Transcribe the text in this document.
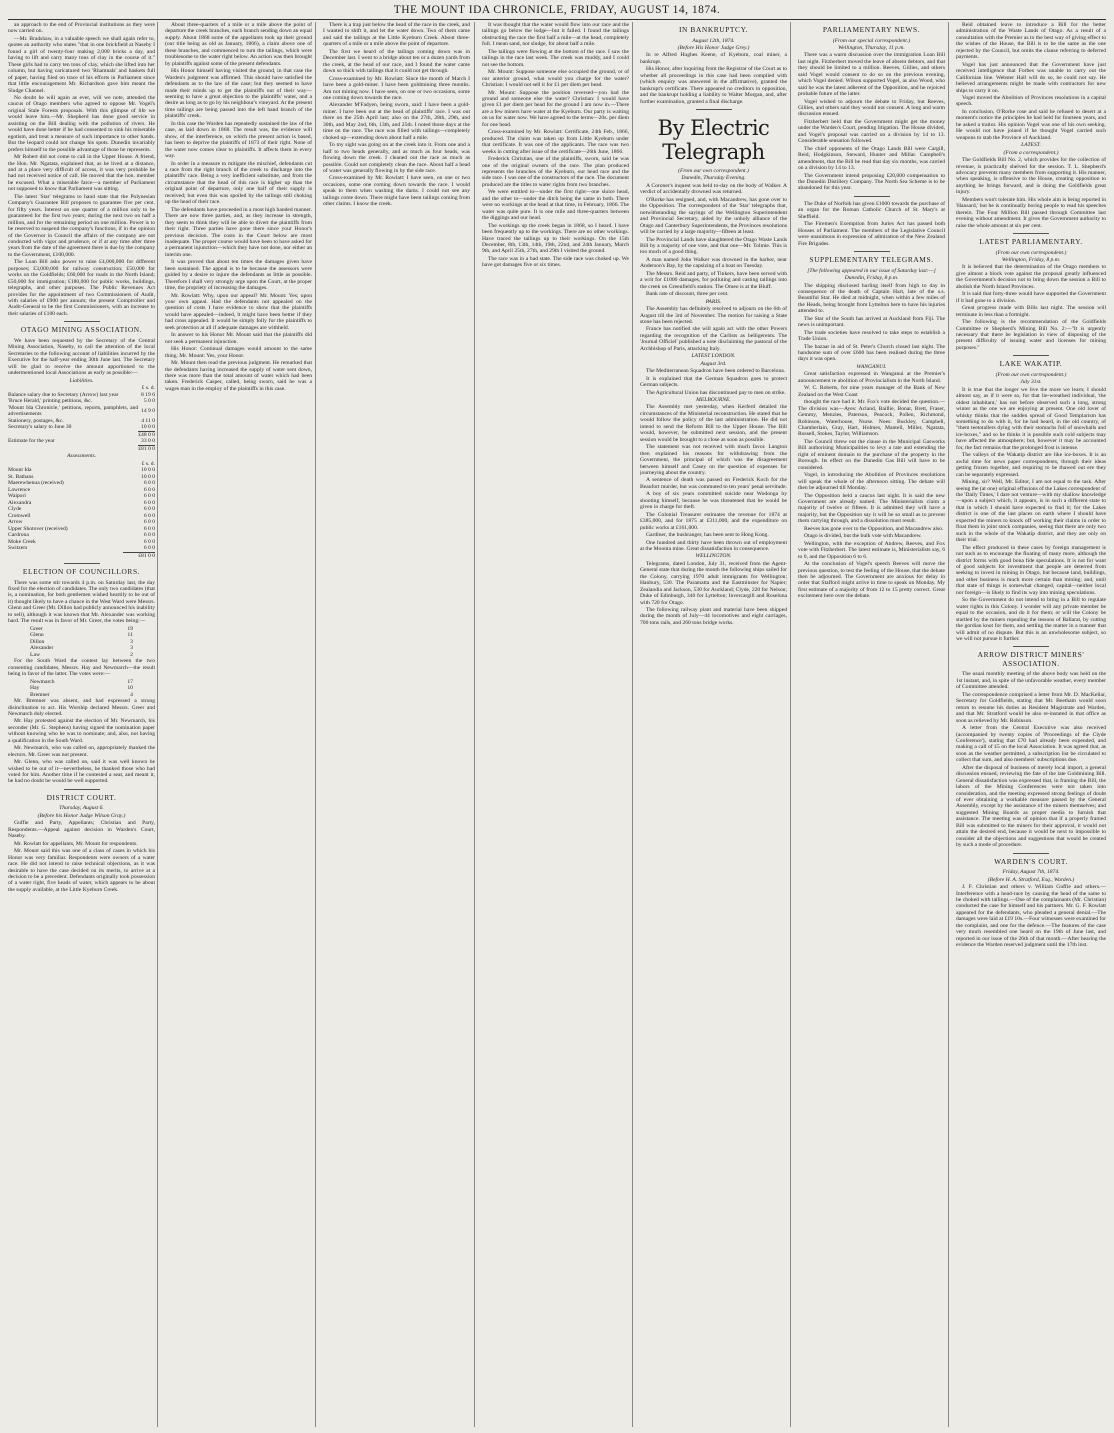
THE MOUNT IDA CHRONICLE, FRIDAY, AUGUST 14, 1874.

an approach to the end of Provincial institutions as they were now carried on.

—Mr. Bradshaw, in a valuable speech we shall again refer to, quotes an authority who states "that in one brickfield at Naseby I found a girl of twenty-four making 2,000 bricks a day, and having to lift and carry many tons of clay in the course of it." These girls had to carry ten tons of clay, which she lifted into her column, but having caricatured two 'Rhamnals' and baskets full of paper, having filed on trace of his efforts in Parliament since that little encouragement Mr. Richardson gave him meant the Sludge Channel.

No doubt he will again as ever, will we note, attended the caucus of Otago members who agreed to oppose Mr. Vogel's original Stale Forests proposals. With this glimpse of life we would leave him.—Mr. Shepherd has done good service in assisting on the Bill dealing with the pollution of rivers. He would have done better if he had consented to sink his miserable egotism, and treat a measure of such importance to other hands. But the leopard could not change his spots. Dunedin invariably prefers himself to the possible advantage of those he represents.

Mr Robert did not come to call in the Upper House. A friend, the Hon. Mr. Ngatata, explained that, as he lived at a distance, and at a place very difficult of access, it was very probable he had not received notice of call. He moved that the hon. member be excused. What a miserable farce—a member of Parliament not supposed to know that Parliament was sitting.

The latest 'Star' telegrams to hand state that the Polynesian Company's Guarantee Bill proposes to guarantee five per cent. for fifty years. Interest on one quarter of a million only to be guaranteed for the first two years; during the next two on half a million, and for the remaining period on one million. Power is to be reserved to suspend the company's functions, if in the opinion of the Governor in Council the affairs of the company are not conducted with vigor and prudence, or if at any time after three years from the date of the agreement there is due by the company to the Government, £100,000.

The Loan Bill asks power to raise £4,000,000 for different purposes; £3,000,000 for railway construction; £50,000 for works on the Goldfields; £60,000 for roads in the North Island; £50,000 for immigration; £180,000 for public works, buildings, telegraphs, and other purposes. The Public Revenues Act provides for the appointment of two Commissioners of Audit, with salaries of £900 per annum; the present Comptroller and Audit-General to be the first Commissioners, with an increase to their salaries of £100 each.

OTAGO MINING ASSOCIATION.

We have been requested by the Secretary of the Central Mining Association, Naseby, to call the attention of the local Secretaries to the following account of liabilities incurred by the Executive for the half-year ending 30th June last. The Secretary will be glad to receive the amount apportioned to the undermentioned local Associations as early as possible:—

Liabilities.
	£ s. d.
Balance salary due to Secretary (Arrow) last year	8 19 6
'Bruce Herald,' printing petitions, &c.	5 0 0
'Mount Ida Chronicle,' petitions, reports, pamphlets, and advertisements	14 9 0
Stationery, postages, &c.	4 11 0
Secretary's salary to June 30	10 0 0
	£48 0 0
Estimate for the year	33 0 0
	£81 0 0
Assessments.
	£ s. d.
Mount Ida	10 0 0
St. Bathans	10 0 0
Maerewhenua (received)	6 0 0
Lawrence	6 0 0
Waipori	6 0 0
Alexandra	6 0 0
Clyde	6 0 0
Cromwell	6 0 0
Arrow	6 0 0
Upper Shotover (received)	6 0 0
Cardrona	6 0 0
Moke Creek	6 0 0
Switzers	6 0 0
	£81 0 0
ELECTION OF COUNCILLORS.

There was some stir towards 4 p.m. on Saturday last, the day fixed for the election of candidates. The only two candidates (that is, a nomination, for both gentlemen wished heartily to be out of it) thought likely to have a chance in the West Ward were Messrs. Glenn and Greer (Mr. Dillon had publicly announced his inability to sell), although it was known that Mr. Alexander was working hard. The result was in favor of Mr. Greer, the votes being:—

Greer	19
Glenn	11
Dillon	3
Alexander	3
Law	2

For the South Ward the contest lay between the two consenting candidates, Messrs. Hay and Newmarch—the result being in favor of the latter. The votes were:—

Newmarch	17
Hay	10
Bremner	4

Mr. Bremner was absent, and had expressed a strong disinclination to act. His Worship declared Messrs. Greer and Newmarch duly elected.

Mr. Hay protested against the election of Mr. Newmarch, his seconder (Mr. G. Stephens) having signed the nomination paper without knowing who he was to nominate; and, also, not having a qualification in the South Ward.

Mr. Newmarch, who was called on, appropriately thanked the electors. Mr. Greer was not present.

Mr. Glenn, who was called on, said it was well known he wished to be out of it—nevertheless, he thanked those who had voted for him. Another time if he contested a seat, and meant it, he had no doubt he would be well supported.

DISTRICT COURT.
Thursday, August 6.
(Before his Honor Judge Wilson Gray.)

Guffie and Party, Appellants; Christian and Party, Respondents.—Appeal against decision in Warden's Court, Naseby.

Mr. Rowlatt for appellants, Mr. Mount for respondents.

Mr. Mount said this was one of a class of cases in which his Honor was very familiar. Respondents were owners of a water race. He did not intend to raise technical objections, as it was desirable to have the case decided on its merits, to arrive at a decision to be a precedent. Defendants originally took possession of a water right, five heads of water, which appears to be about the supply available, at the Little Kyeburn Creek.

About three-quarters of a mile or a mile above the point of departure the creek branches, each branch sending down an equal supply. About 1868 some of the appellants took up their ground (our title being as old as January, 1866), a claim above one of these branches, and commenced to turn the tailings, which were troublesome to the water right below. An action was then brought by plaintiffs against some of the present defendants.

His Honor himself having visited the ground, in that case the Warden's judgment was affirmed. This should have satisfied the defendants as to the law of the case; but they seemed to have made their minds up to get the plaintiffs out of their way—seeming to have a great objection to the plaintiffs' water, and a desire as long as to go by his neighbour's vineyard. At the present time tailings are being passed into the left hand branch of the plaintiffs' creek.

In this case the Warden has repeatedly sustained the law of the case, as laid down in 1868. The result was, the evidence will show, of the interference, on which the present action is based, has been to deprive the plaintiffs of 1873 of their right. None of the water now comes clear to plaintiffs. It affects them in every way.

In order in a measure to mitigate the mischief, defendants cut a race from the right branch of the creek to discharge into the plaintiffs' race. Being a very inefficient substitute, and from the circumstance that the head of this race is higher up than the original point of departure, only one half of their supply is received; but even this was spoiled by the tailings still choking up the head of their race.

The defendants have proceeded in a most high handed manner. There are now three parties, and, as they increase in strength, they seem to think they will be able to divert the plaintiffs from their right. Three parties have gone there since your Honor's previous decision. The costs in the Court below are most inadequate. The proper course would have been to have asked for a permanent injunction—which they have not done, nor either an interim one.

It was proved that about ten times the damages given have been sustained. The appeal is to be because the assessors were guided by a desire to injure the defendants as little as possible. Therefore I shall very strongly urge upon the Court, at the proper time, the propriety of increasing the damages.

Mr. Rowlatt: Why, upon our appeal? Mr. Mount: Yes; upon your own appeal. Had the defendants not appealed on the question of costs I have evidence to show that the plaintiffs would have appealed—indeed, it might have been better if they had cross appealed. It would be simply folly for the plaintiffs to seek protection at all if adequate damages are withheld.

In answer to his Honor Mr. Mount said that the plaintiffs did not seek a permanent injunction.

His Honor: Continual damages would amount to the same thing. Mr. Mount: Yes, your Honor.

Mr. Mount then read the previous judgment. He remarked that the defendants having increased the supply of water sent down, there was more than the total amount of water which had been taken. Frederick Casper, called, being sworn, said he was a wages man in the employ of the plaintiffs in this case.

There is a trap just below the head of the race in the creek, and I wanted to shift it, and let the water down. Two of them came and said the tailings at the Little Kyeburn Creek. About three-quarters of a mile or a mile above the point of departure.

The first we heard of the tailings coming down was in December last. I went to a bridge about ten or a dozen yards from the creek, at the head of our race, and I found the water came down so thick with tailings that it could not get through.

Cross-examined by Mr. Rowlatt: Since the month of March I have been a gold-miner. I have been goldmining three months. Am not mining now. I have seen, on one or two occasions, some one coming down towards the race.

Alexander M'Fadyen, being sworn, said: I have been a gold-miner. I have been out at the head of plaintiffs' race. I was out there on the 25th April last; also on the 27th, 28th, 29th, and 30th, and May 2nd, 6th, 13th, and 25th. I noted those days at the time on the race. The race was filled with tailings—completely choked up—extending down about half a mile.

To my sight was going on at the creek into it. From one and a half to two heads generally, and as much as four heads, was flowing down the creek. I cleaned out the race as much as possible. Could not completely clean the race. About half a head of water was generally flowing in by the side race.

Cross-examined by Mr. Rowlatt: I have seen, on one or two occasions, some one coming down towards the race. I would speak to them when washing the dams. I could not see any tailings come down. There might have been tailings coming from other claims. I know the creek.

It was thought that the water would flow into our race and the tailings go below the lodge—but it failed. I found the tailings obstructing the race the first half a mile—at the head, completely full. I mean sand, not sludge, for about half a mile.

The tailings were flowing at the bottom of the race. I saw the tailings in the race last week. The creek was muddy, and I could not see the bottom.

Mr. Mount: Suppose someone else occupied the ground, or of our anterior ground, what would you charge for the water? Christian: I would not sell it for £1 per diem per head.

Mr. Mount: Suppose the position reversed—you had the ground and someone else the water? Christian: I would have given £1 per diem per head for the ground I am now in.—There are a few miners have water at the Kyeburn. Our party is waiting on us for water now. We have agreed to the terms—20s. per diem for one head.

Cross-examined by Mr. Rowlatt: Certificate, 24th Feb., 1866, produced. The claim was taken up from Little Kyeburn under that certificate. It was one of the applicants. The race was two weeks in cutting after issue of the certificate—26th June, 1866.

Frederick Christian, one of the plaintiffs, sworn, said he was one of the original owners of the race. The plan produced represents the branches of the Kyeburn, our head race and the side race. I was one of the constructors of the race. The document produced are the titles to water rights from two branches.

We were entitled to—under the first right—one sluice head, and the other to—under the ditch being the same in both. There were no workings at the head at that time, in February, 1866. The water was quite pure. It is one mile and three-quarters between the diggings and our head.

The workings up the creek began in 1868, so I heard. I have been frequently up to the workings. There are no other workings. Have traced the tailings up to their workings. On the 15th December, 8th, 13th, 14th, 19th, 22nd, and 24th January, March 9th, and April 25th, 27th, and 29th I visited the ground.

The race was in a bad state. The side race was choked up. We have got damages five or six times.

IN BANKRUPTCY.
August 12th, 1874.
(Before His Honor Judge Grey.)

In re Alfred Hughes Keene, of Kyeburn, coal miner, a bankrupt.

His Honor, after inquiring from the Registrar of the Court as to whether all proceedings in this case had been complied with (which enquiry was answered in the affirmative), granted the bankrupt's certificate. There appeared no creditors in opposition, and the bankrupt holding a liability to Walter Morgan, and, after further examination, granted a final discharge.

By Electric Telegraph
(From our own correspondent.)
Dunedin, Thursday Evening.

A Coroner's inquest was held to-day on the body of Walker. A verdict of accidentally drowned was returned.

O'Rorke has resigned, and, with Macandrew, has gone over to the Opposition. The correspondent of the 'Star' telegraphs that, notwithstanding the sayings of the Wellington Superintendent and Provincial Secretary, aided by the unholy alliance of the Otago and Canterbury Superintendents, the Provinces resolutions will be carried by a large majority—fifteen at least.

The Provincial Lands have slaughtered the Otago Waste Lands Bill by a majority of one vote, and that one—Mr. Tolmie. This is too much of a good thing.

A man named John Walker was drowned in the harbor, near Anderson's Bay, by the capsizing of a boat on Tuesday.

The Messrs. Reid and party, of Tinkers, have been served with a writ for £1000 damages, for polluting and casting tailings into the creek on Greenfield's station. The Omeo is at the Bluff.

Bank rate of discount, three per cent.

PARIS.

The Assembly has definitely resolved to adjourn on the 6th of August till the 3rd of November. The motion for raising a State stone has been rejected.

France has notified she will again act with the other Powers regarding the recognition of the Carlists as belligerents. The 'Journal Officiel' published a note disclaiming the pastoral of the Archbishop of Paris, attacking Italy.

LATEST LONDON.
August 3rd.

The Mediterranean Squadron have been ordered to Barcelona.

It is explained that the German Squadron goes to protect German subjects.

The Agricultural Union has discontinued pay to men on strike.

MELBOURNE.

The Assembly met yesterday, when Kerferd detailed the circumstances of the Ministerial reconstruction. He stated that he would follow the policy of the last administration. He did not intend to send the Reform Bill to the Upper House. The Bill would, however, be submitted next session, and the present session would be brought to a close as soon as possible.

The statement was not received with much favor. Langton then explained his reasons for withdrawing from the Government, the principal of which was the disagreement between himself and Casey on the question of expenses for journeying about the country.

A sentence of death was passed on Frederick Koch for the Beaufort murder, but was commuted to ten years' penal servitude.

A boy of six years committed suicide near Wodonga by shooting himself, because he was threatened that he would be given in charge for theft.

The Colonial Treasurer estimates the revenue for 1874 at £385,000, and for 1875 at £311,000, and the expenditure on public works at £161,000.

Gardiner, the bushranger, has been sent to Hong Kong.

One hundred and thirty have been thrown out of employment at the Moonta mine. Great dissatisfaction in consequence.

WELLINGTON.

Telegrams, dated London, July 31, received from the Agent-General state that during the month the following ships sailed for the Colony, carrying 1970 adult immigrants for Wellington; Hanbury, 530. The Paramatta and the Eastminster for Napier; Zealandia and Jackson, 530 for Auckland; Clyde, 220 for Nelson; Duke of Edinburgh, 340 for Lyttelton; Invercargill and Roseluna with 720 for Otago.

The following railway plant and material have been shipped during the month of July—44 locomotives and eight carriages, 700 tons rails, and 260 tons bridge works.

PARLIAMENTARY NEWS.
(From our special correspondent.)
Wellington, Thursday, 11 p.m.

There was a warm discussion over the immigration Loan Bill last night. Fitzherbert moved the leave of absent debtors, and that they should be limited to a million. Reeves, Gillies, and others said Vogel would consent to do so on the previous evening, which Vogel denied. Wilson supported Vogel, as also Wood, who said he was the latest adherent of the Opposition, and he rejoiced probable future of the latter.

Vogel wished to adjourn the debate to Friday, but Reeves, Gillies, and others said they would not consent. A long and warm discussion ensued.

Fitzherbert held that the Government might get the money under the Warden's Court, pending litigation. The House divided, and Vogel's proposal was carried on a division by 14 to 13. Considerable sensation followed.

The chief opponents of the Otago Lands Bill were Cargill, Reid, Hodgkinson, Steward, Hunter and Millar. Campbell's amendment, that the Bill be read that day six months, was carried on a division by 14 to 13.

The Government intend proposing £20,000 compensation to the Dunedin Distillery Company. The North Sea Scheme is to be abandoned for this year.

The Duke of Norfolk has given £1000 towards the purchase of an organ for the Roman Catholic Church of St. Mary's at Sheffield.

The Firemen's Exemption from Juries Act has passed both Houses of Parliament. The members of the Legislative Council were unanimous in expression of admiration of the New Zealand Fire Brigades.

SUPPLEMENTARY TELEGRAMS.
[The following appeared in our issue of Saturday last:—]
Dunedin, Friday, 8 p.m.

The shipping disclosed hurling itself from high to day in consequence of the death of Captain Hart, late of the s.s. Beautiful Star. He died at midnight, when within a few miles of the Heads, being brought from Lyttelton here to have his injuries attended to.

The Star of the South has arrived at Auckland from Fiji. The news is unimportant.

The trade societies have resolved to take steps to establish a Trade Union.

The bazaar in aid of St. Peter's Church closed last night. The handsome sum of over £600 has been realised during the three days it was open.

WANGANUI.

Great satisfaction expressed in Wanganui at the Premier's announcement re abolition of Provincialism in the North Island.

W. C. Roberts, for nine years manager of the Bank of New Zealand on the West Coast

thought the race had it. Mr. Fox's vote decided the question.—The division was—Ayes: Acland, Baillie, Bonar, Brett, Fraser, Gemmy, Menzies, Paterson, Peacock, Pollen, Richmond, Robinson, Waterhouse, Nurse. Noes: Buckley, Campbell, Chamberlain, Gray, Hart, Holmes, Mantell, Miller, Ngatata, Russell, Stokes, Taylor, Williamson.

The Council threw out the clause in the Municipal Gasworks Bill authorising Municipalities to levy a rate and extending the right of eminent domain to the purchase of the property in the Borough. Its effect on the Dunedin Gas Bill will have to be considered.

Vogel, in introducing the Abolition of Provinces resolutions will speak the whole of the afternoon sitting. The debate will then be adjourned till Monday.

The Opposition held a caucus last night. It is said the new Government are already named. The Ministerialists claim a majority of twelve or fifteen. It is admitted they will have a majority, but the Opposition say it will be so small as to prevent them carrying through, and a dissolution must result.

Reeves has gone over to the Opposition, and Macandrew also.

Otago is divided, but the bulk vote with Macandrew.

Wellington, with the exception of Andrew, Reeves, and Fox vote with Fitzherbert. The latest estimate is, Ministerialists say, 6 to 0, and the Opposition 6 to 6.

At the conclusion of Vogel's speech Reeves will move the previous question, to test the feeling of the House, that the debate then be adjourned. The Government are anxious for delay in order that Stafford might arrive in time to speak on Monday. My first estimate of a majority of from 12 to 15 pretty correct. Great excitement here over the debate.

Reid obtained leave to introduce a Bill for the better administration of the Waste Lands of Otago. As a result of a consultation with the Premier as to the best way of giving effect to the wishes of the House, the Bill is to be the same as the one rejected by the Council, but omits the clause referring to deferred payments.

Vogel has just announced that the Government have just received intelligence that Forbes was unable to carry out the Californian line. Webster Hall will do so, he could not say. He believed arrangements might be made with contractors for new ships to carry it on.

Vogel moved the Abolition of Provinces resolutions in a capital speech.

In conclusion, O'Rorke rose and said he refused to desert at a moment's notice the principles he had held for fourteen years, and he asked a traitor. His opinion Vogel was one of his own seeking. He would not have joined if he thought Vogel carried such weapons to stab the Province of Auckland.

LATEST.
(From a correspondent.)

The Goldfields Bill No. 2, which provides for the collection of revenue, is practically shelved for the session. T. L. Shepherd's advocacy prevents many members from supporting it. His manner, when speaking, is offensive to the House, creating opposition to anything he brings forward, and is doing the Goldfields great injury.

Members won't tolerate him. His whole aim is being reported in 'Hansard,' but he is continually boring people to read his speeches therein. The Four Million Bill passed through Committee last evening without amendment. It gives the Government authority to raise the whole amount at six per cent.

LATEST PARLIAMENTARY.
(From our own correspondent.)
Wellington, Friday, 8 p.m.

It is believed that the determination of the Otago members to give almost a block vote against the proposal greatly influenced the Government's decision not to bring down the session a Bill to abolish the North Island Provinces.

It is said that forty-three would have supported the Government if it had gone to a division.

Great progress made with Bills last night. The session will terminate in less than a fortnight.

The following is the recommendation of the Goldfields Committee re Shepherd's Mining Bill No. 2:—"It is urgently necessary that there be legislation in view of disposing of the present difficulty of issuing water and licenses for mining purposes."

LAKE WAKATIP.
(From our own correspondent.)
July 31st.

It is true that the longer we live the more we learn; I should almost say, as if it were so, for that lie-wreathed individual, 'the oldest inhabitant,' has not before observed such a long, strong winter as the one we are enjoying at present. One old lover of whisky thinks that the sudden spread of Good Templarism has something to do with it, for he had heard, in the old country, of "them teetotallers dying with their stomachs full of snowballs and ice-boxes," and so he thinks it is possible such cold subjects may have affected the atmosphere; but, however it may be accounted for, the fact remains that the prolonged frost is intense.

The valleys of the Wakatip district are like ice-boxes. It is an awful time for news paper correspondents, through their ideas getting frozen together, and requiring to be thawed out ere they can be separately expressed.

Mining, sir? Well, Mr. Editor, I am not equal to the task. After seeing the (at one) original effusions of the Lakes correspondent of the 'Daily Times,' I dare not venture—with my shallow knowledge—upon a subject which, it appears, is in such a different state to that in which I should have expected to find it; for the Lakes district is one of the last places on earth where I should have expected the miners to knock off working their claims in order to float them in joint stock companies, seeing that there are only two such in the whole of the Wakatip district, and they are only on their trial.

The effect produced in these cases by foreign management is not such as to encourage the floating of many more, although the district forms with good bona fide speculations. It is not for want of good subjects for investment that people are deterred from seeking to invest in mining in Otago, but because land, buildings, and other business is much more certain than mining; and, until that state of things is somewhat changed, capital—neither local nor foreign—is likely to find its way into mining speculations.

So the Government do not intend to bring in a Bill to regulate water rights in this Colony. I wonder will any private member be equal to the occasion, and do it for them; or will the Colony be startled by the miners repealing the lessons of Ballarat, by cutting the gordian knot for them, and settling the matter in a manner that will admit of no dispute. But this is an unwholesome subject, so we will not pursue it further.

ARROW DISTRICT MINERS' ASSOCIATION.

The usual monthly meeting of the above body was held on the 1st instant, and, in spite of the unfavorable weather, every member of Committee attended.

The correspondence comprised a letter from Mr. D. MacKellar, Secretary for Goldfields, stating that Mr. Beetham would soon return to resume his duties as Resident Magistrate and Warden, and that Mr. Stratford would be also re-instated in that office as soon as relieved by Mr. Robinson.

A letter from the Central Executive was also received (accompanied by twenty copies of 'Proceedings of the Clyde Conference'), stating that £70 had already been expended, and making a call of £5 on the local Association. It was agreed that, as soon as the weather permitted, a subscription list be circulated to collect that sum, and also members' subscriptions due.

After the disposal of business of merely local import, a general discussion ensued, reviewing the fate of the late Goldmining Bill. General dissatisfaction was expressed that, in framing the Bill, the labors of the Mining Conferences were not taken into consideration, and the meeting expressed strong feelings of doubt of ever obtaining a workable measure passed by the General Assembly, except by the assistance of the miners themselves; and suggested Mining Boards as proper media to furnish that assistance. The meeting was of opinion that if a properly framed Bill was submitted to the miners for their approval, it would not attain the desired end, because it would be next to impossible to consider all the objections and suggestions that would be created by such a mode of procedure.

WARDEN'S COURT.
Friday, August 7th, 1874.
(Before H. A. Stratford, Esq., Warden.)

J. F. Christian and others v. William Guffie and others.—Interference with a head-race by causing the head of the same to be choked with tailings.—One of the complainants (Mr. Christian) conducted the case for himself and his partners. Mr. G. F. Rowlatt appeared for the defendants, who pleaded a general denial.—The damages were laid at £19 10s.—Four witnesses were examined for the complaint, and one for the defence.—The features of the case very much resembled one heard on the 19th of June last, and reported in our issue of the 26th of that month.—After hearing the evidence the Warden reserved judgment until the 17th inst.
